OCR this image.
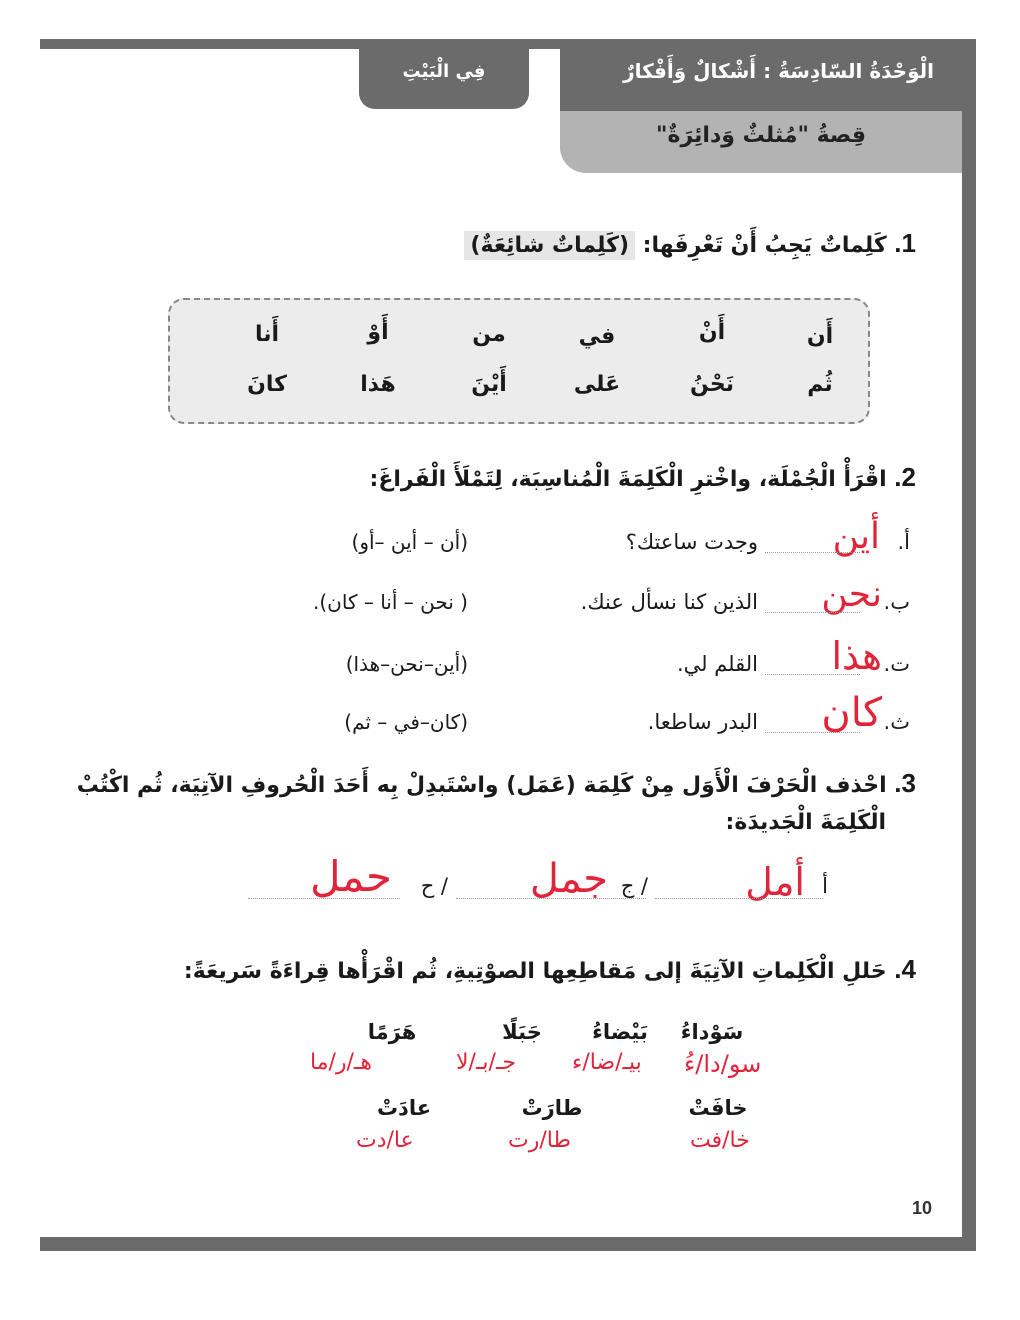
الْوَحْدَةُ السّادِسَةُ : أَشْكالٌ وَأَفْكارٌ
قِصةُ "مُثلثٌ وَدائِرَةٌ"
فِي الْبَيْتِ
1. كَلِماتٌ يَجِبُ أَنْ تَعْرِفَها: (كَلِماتٌ شائِعَةٌ)
أَن
أَنْ
في
من
أَوْ
أَنا
ثُم
نَحْنُ
عَلى
أَيْنَ
هَذا
كانَ
2. اقْرَأْ الْجُمْلَة، واخْترِ الْكَلِمَةَ الْمُناسِبَة، لِتَمْلَأَ الْفَراغَ:
أ.
أين
وجدت ساعتك؟
(أن – أين –أو)
ب.
نحن
الذين كنا نسأل عنك.
( نحن – أنا – كان).
ت.
هذا
القلم لي.
(أين–نحن–هذا)
ث.
كان
البدر ساطعا.
(كان–في – ثم)
3. احْذف الْحَرْفَ الْأَوَل مِنْ كَلِمَة (عَمَل) واسْتَبدِلْ بِه أَحَدَ الْحُروفِ الآتِيَة، ثُم اكْتُبْ
الْكَلِمَةَ الْجَديدَة:
أ
أمل
/ ج
جمل
/ ح
حمل
4. حَللِ الْكَلِماتِ الآتِيَةَ إلى مَقاطِعِها الصوْتِيةِ، ثُم اقْرَأْها قِراءَةً سَريعَةً:
سَوْداءُ
بَيْضاءُ
جَبَلًا
هَرَمًا
سو/دا/ءُ
بيـ/ضا/ء
جـ/بـ/لا
هـ/ر/ما
خافَتْ
طارَتْ
عادَتْ
خا/فت
طا/رت
عا/دت
10
